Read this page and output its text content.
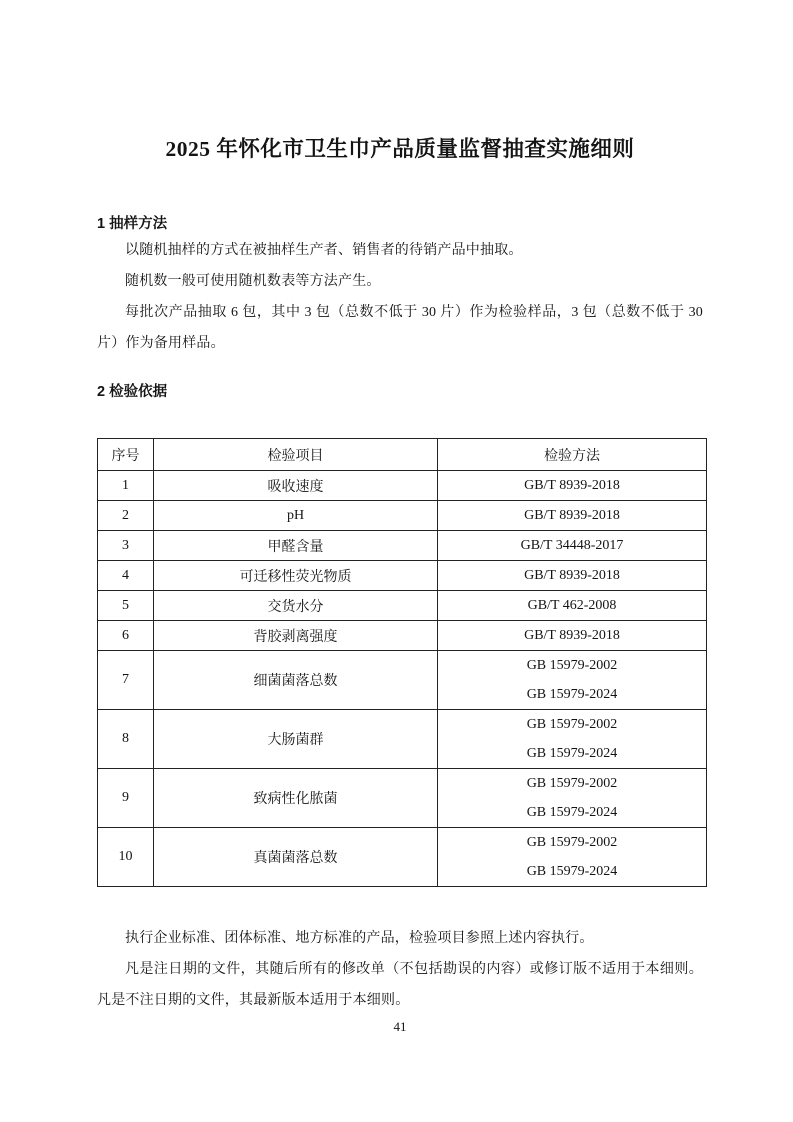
2025 年怀化市卫生巾产品质量监督抽查实施细则
1 抽样方法

以随机抽样的方式在被抽样生产者、销售者的待销产品中抽取。

随机数一般可使用随机数表等方法产生。

每批次产品抽取 6 包，其中 3 包（总数不低于 30 片）作为检验样品，3 包（总数不低于 30 片）作为备用样品。

2 检验依据
序号	检验项目	检验方法
1	吸收速度	GB/T 8939-2018

2	pH	GB/T 8939-2018

3	甲醛含量	GB/T 34448-2017

4	可迁移性荧光物质	GB/T 8939-2018

5	交货水分	GB/T 462-2008

6	背胶剥离强度	GB/T 8939-2018

7	细菌菌落总数	GB 15979-2002
GB 15979-2024

8	大肠菌群	GB 15979-2002
GB 15979-2024

9	致病性化脓菌	GB 15979-2002
GB 15979-2024

10	真菌菌落总数	GB 15979-2002
GB 15979-2024

执行企业标准、团体标准、地方标准的产品，检验项目参照上述内容执行。

凡是注日期的文件，其随后所有的修改单（不包括勘误的内容）或修订版不适用于本细则。凡是不注日期的文件，其最新版本适用于本细则。

41
